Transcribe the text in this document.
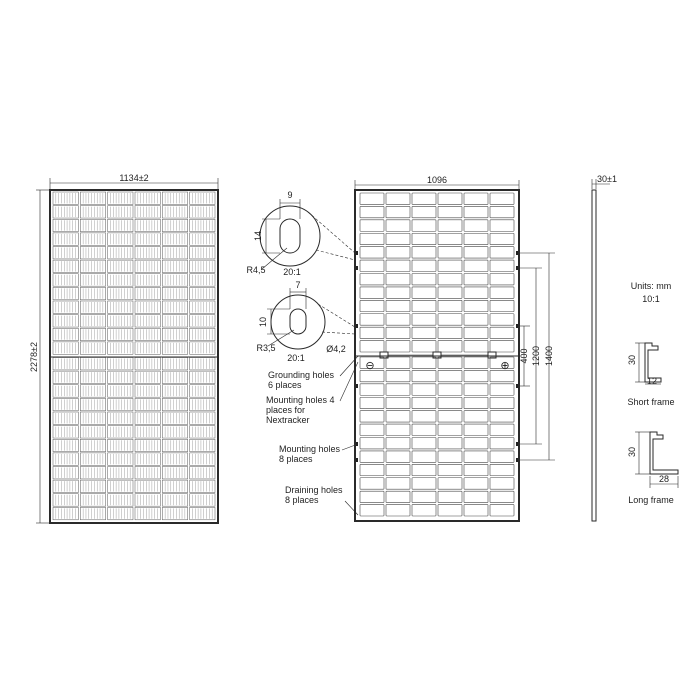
1134±2
2278±2	⊖	⊕
1096
1400
1200
400
30±1
9
14
R4,5 20:1
7
10
R3,5
20:1
Ø4,2
Grounding holes
6 places
Mounting holes 4
places for
Nextracker
Mounting holes
8 places
Draining holes
8 places
Units: mm
10:1
30
12
Short frame
30
28
Long frame
